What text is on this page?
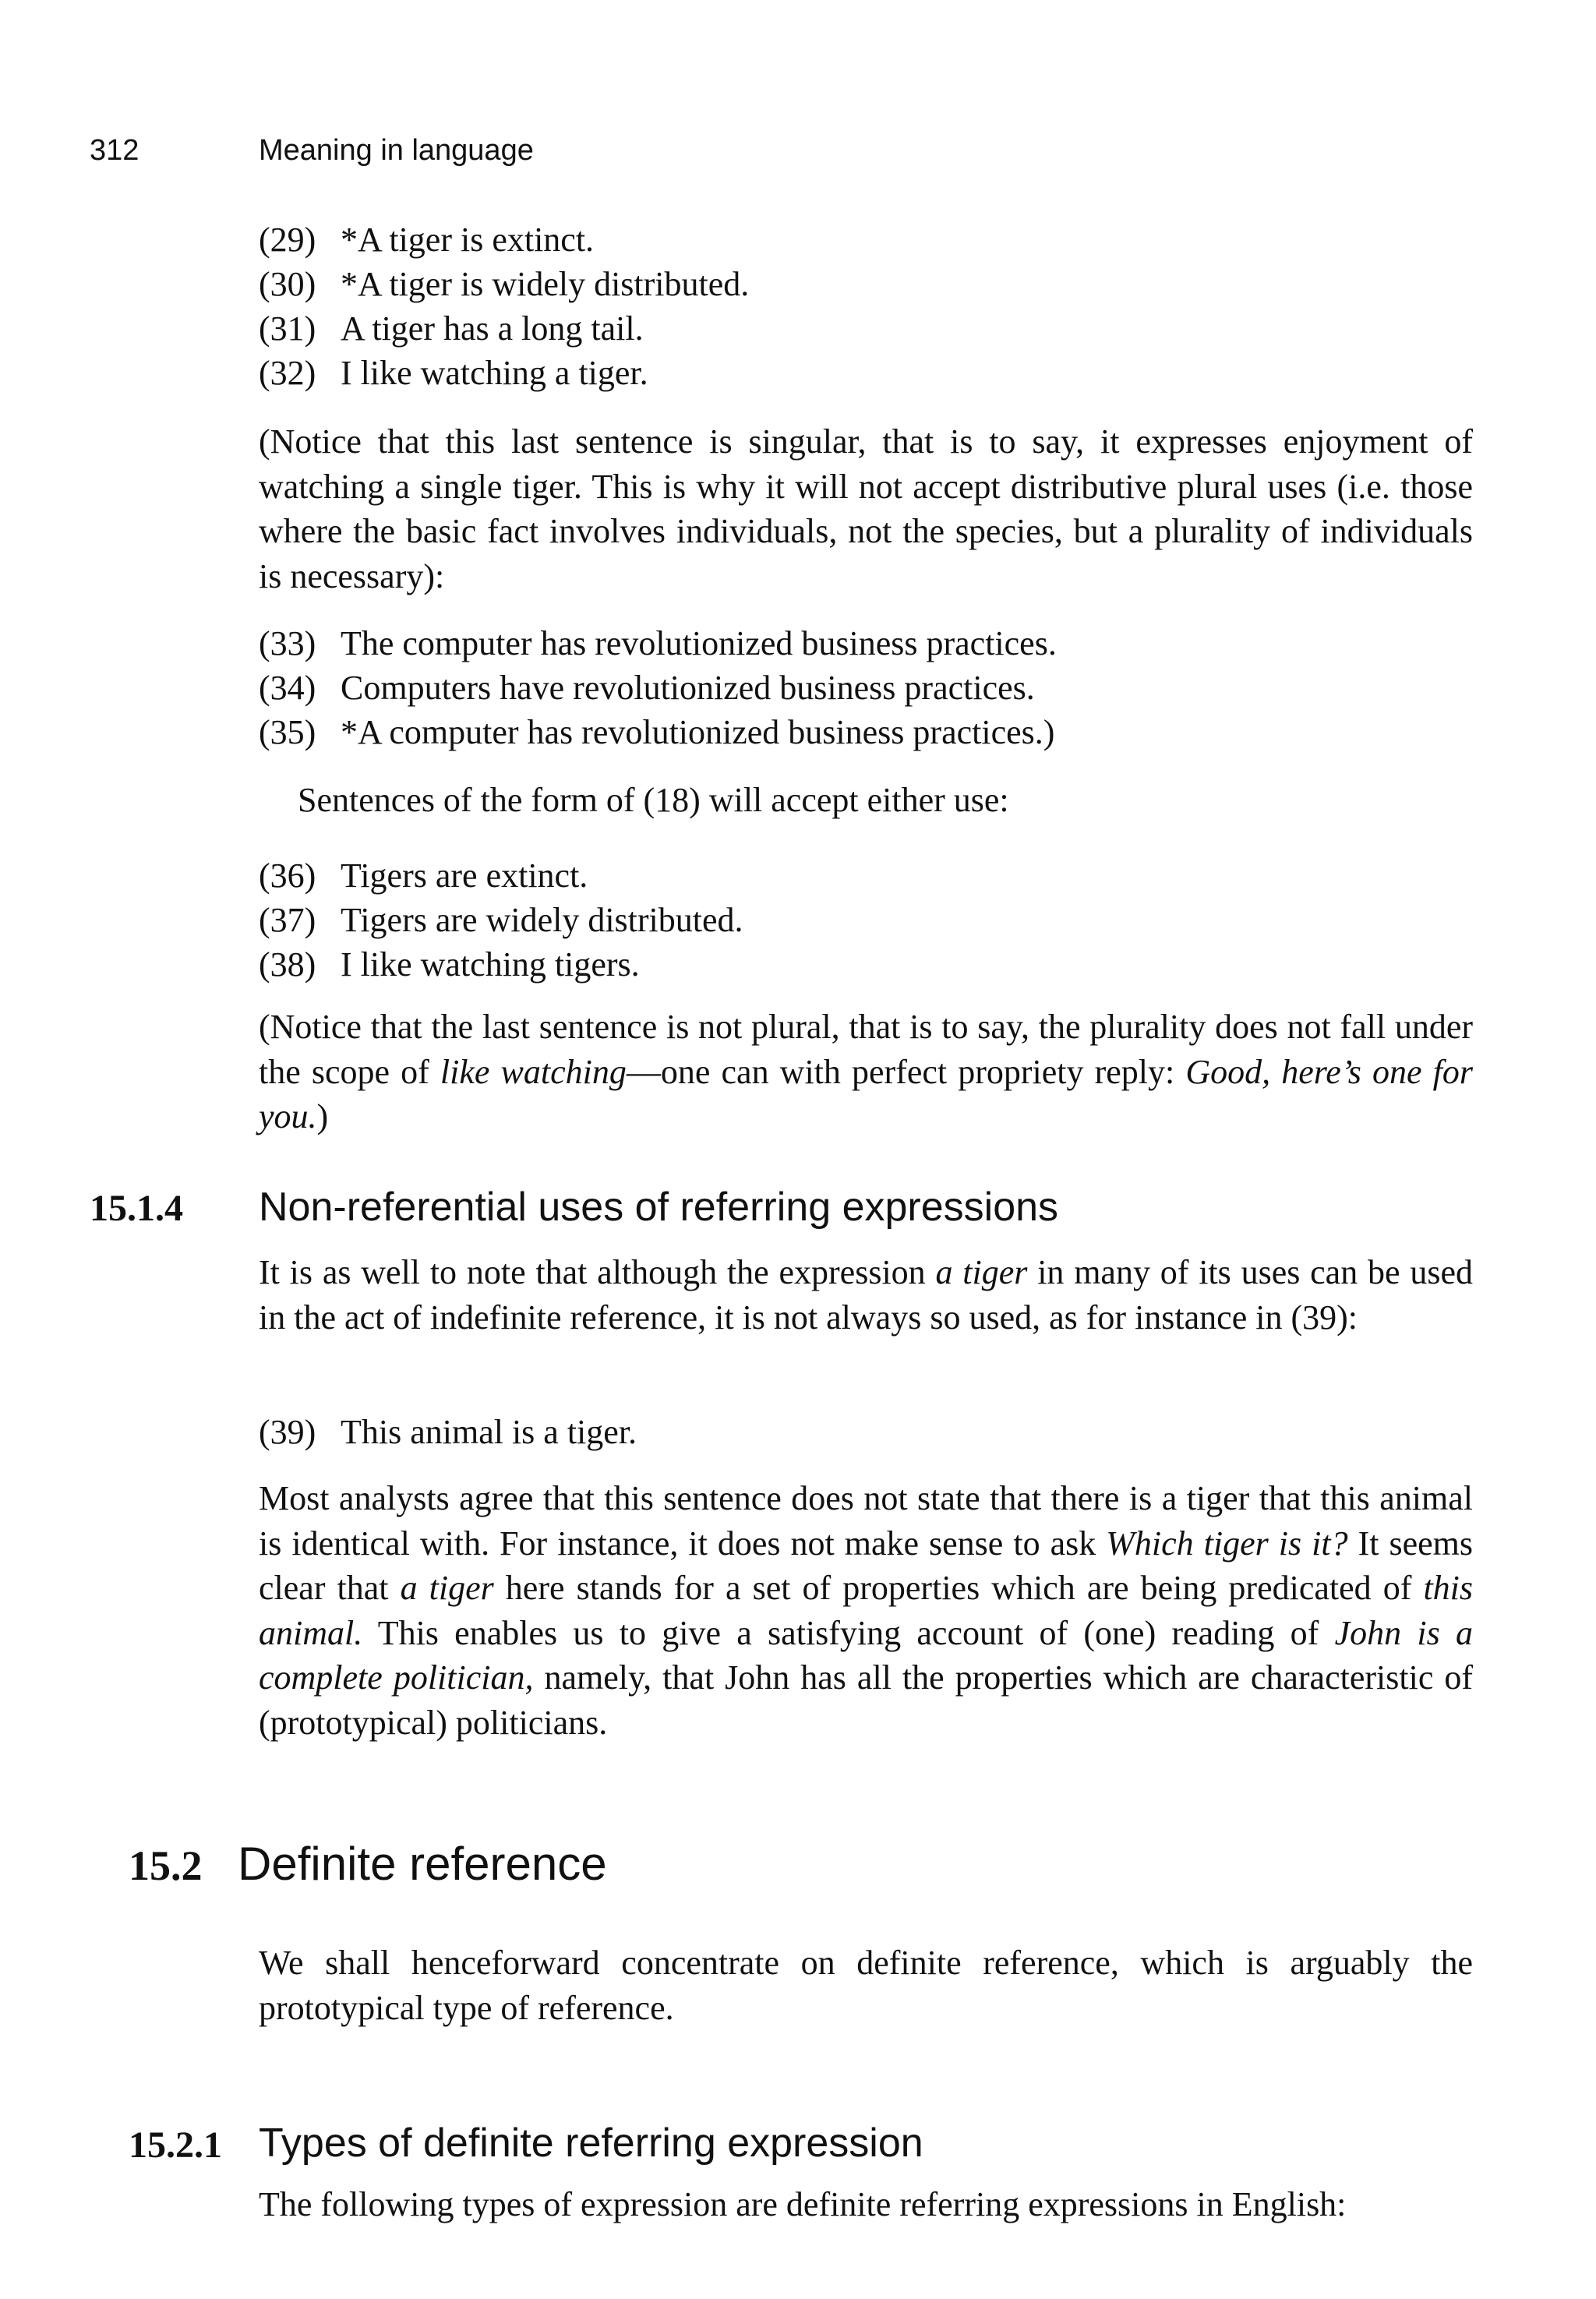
312	Meaning in language
(29) *A tiger is extinct.
(30) *A tiger is widely distributed.
(31) A tiger has a long tail.
(32) I like watching a tiger.

(Notice that this last sentence is singular, that is to say, it expresses enjoyment of watching a single tiger. This is why it will not accept distributive plural uses (i.e. those where the basic fact involves individuals, not the species, but a plurality of individuals is necessary):

(33) The computer has revolutionized business practices.
(34) Computers have revolutionized business practices.
(35) *A computer has revolutionized business practices.)

Sentences of the form of (18) will accept either use:

(36) Tigers are extinct.
(37) Tigers are widely distributed.
(38) I like watching tigers.

(Notice that the last sentence is not plural, that is to say, the plurality does not fall under the scope of like watching—one can with perfect propriety reply: Good, here’s one for you.)

15.1.4 Non-referential uses of referring expressions

It is as well to note that although the expression a tiger in many of its uses can be used in the act of indefinite reference, it is not always so used, as for instance in (39):

(39) This animal is a tiger.

Most analysts agree that this sentence does not state that there is a tiger that this animal is identical with. For instance, it does not make sense to ask Which tiger is it? It seems clear that a tiger here stands for a set of properties which are being predicated of this animal. This enables us to give a satisfying account of (one) reading of John is a complete politician, namely, that John has all the properties which are characteristic of (prototypical) politicians.

15.2 Definite reference

We shall henceforward concentrate on definite reference, which is arguably the prototypical type of reference.

15.2.1 Types of definite referring expression

The following types of expression are definite referring expressions in English:
